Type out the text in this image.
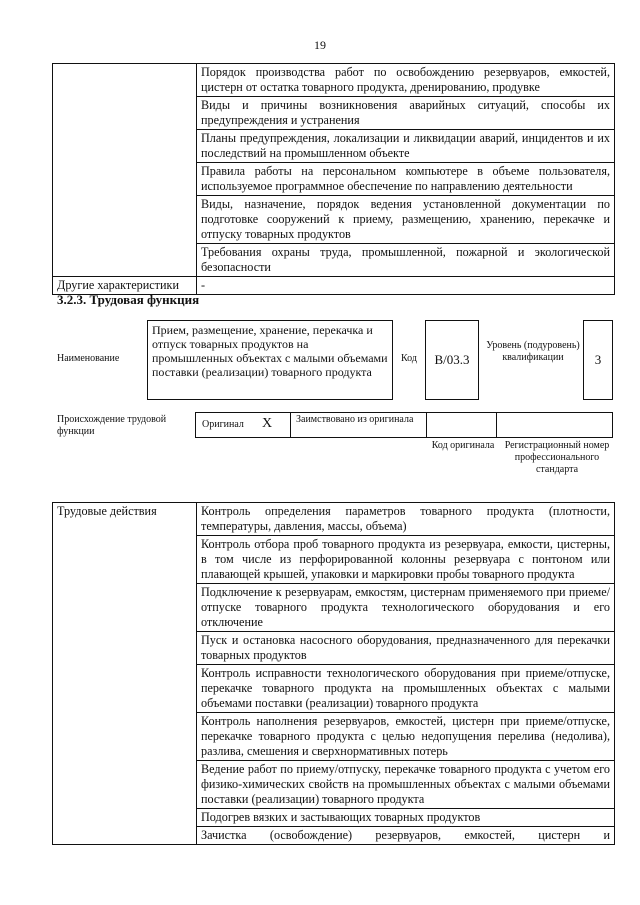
19
	Порядок производства работ по освобождению резервуаров, емкостей, цистерн от остатка товарного продукта, дренированию, продувке
	Виды и причины возникновения аварийных ситуаций, способы их предупреждения и устранения
	Планы предупреждения, локализации и ликвидации аварий, инцидентов и их последствий на промышленном объекте
	Правила работы на персональном компьютере в объеме пользователя, используемое программное обеспечение по направлению деятельности
	Виды, назначение, порядок ведения установленной документации по подготовке сооружений к приему, размещению, хранению, перекачке и отпуску товарных продуктов
	Требования охраны труда, промышленной, пожарной и экологической безопасности
Другие характеристики	-
3.2.3. Трудовая функция
Наименование
Прием, размещение, хранение, перекачка и отпуск товарных продуктов на промышленных объектах с малыми объемами поставки (реализации) товарного продукта
Код B/03.3
Уровень (подуровень) квалификации	3
Происхождение трудовой функции
Оригинал X Заимствовано из оригинала
Код оригинала	Регистрационный номер профессионального стандарта
Трудовые действия	Контроль определения параметров товарного продукта (плотности, температуры, давления, массы, объема)
Контроль отбора проб товарного продукта из резервуара, емкости, цистерны, в том числе из перфорированной колонны резервуара с понтоном или плавающей крышей, упаковки и маркировки пробы товарного продукта
Подключение к резервуарам, емкостям, цистернам применяемого при приеме/отпуске товарного продукта технологического оборудования и его отключение
Пуск и остановка насосного оборудования, предназначенного для перекачки товарных продуктов
Контроль исправности технологического оборудования при приеме/отпуске, перекачке товарного продукта на промышленных объектах с малыми объемами поставки (реализации) товарного продукта
Контроль наполнения резервуаров, емкостей, цистерн при приеме/отпуске, перекачке товарного продукта с целью недопущения перелива (недолива), разлива, смешения и сверхнормативных потерь
Ведение работ по приему/отпуску, перекачке товарного продукта с учетом его физико-химических свойств на промышленных объектах с малыми объемами поставки (реализации) товарного продукта
Подогрев вязких и застывающих товарных продуктов
Зачистка (освобождение) резервуаров, емкостей, цистерн и
